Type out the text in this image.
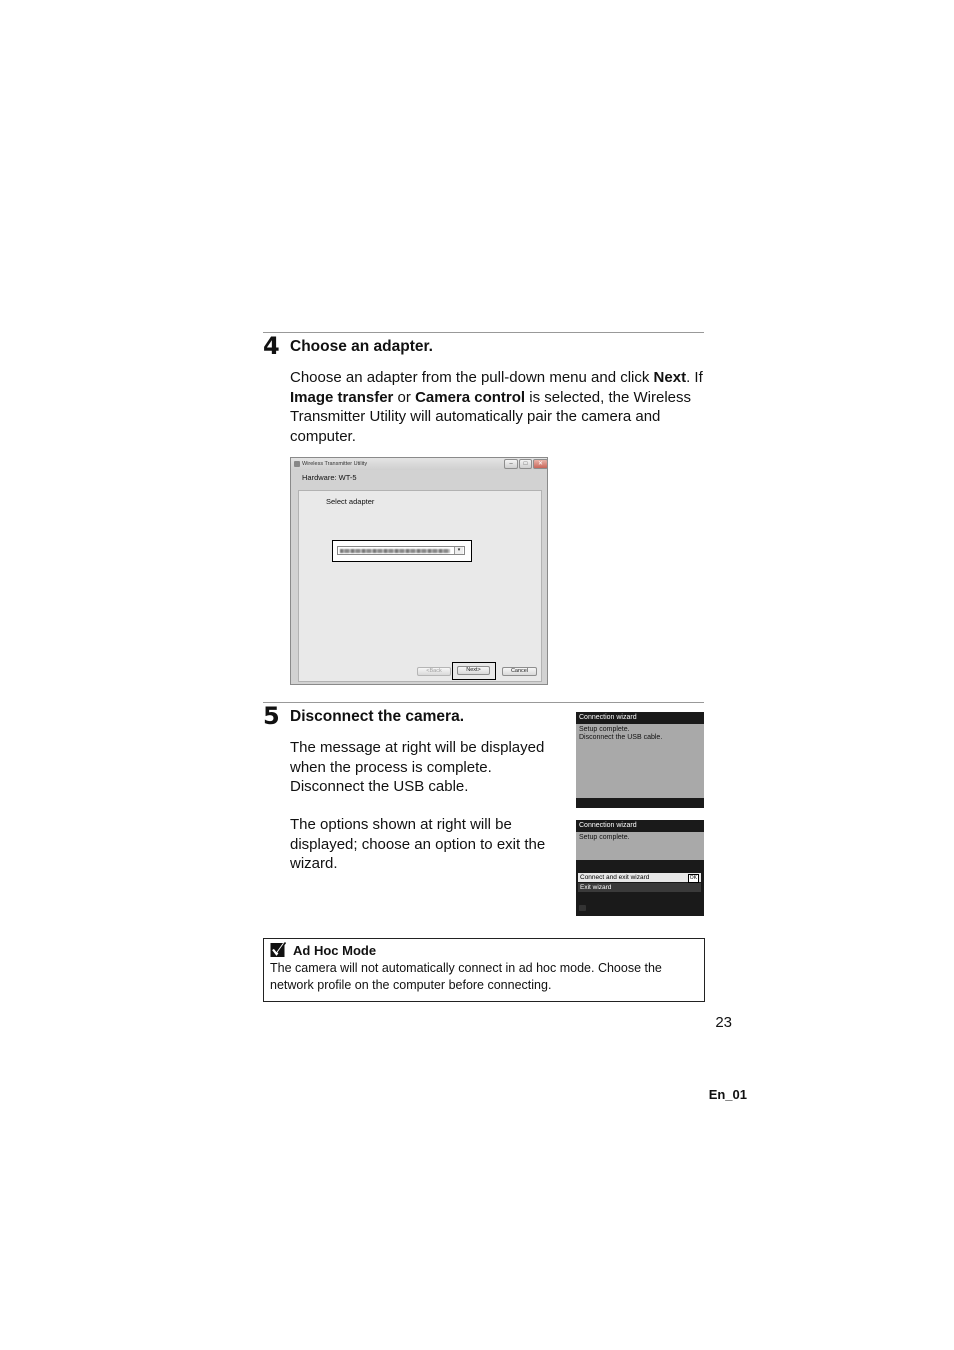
4 Choose an adapter.
Choose an adapter from the pull-down menu and click Next. If Image transfer or Camera control is selected, the Wireless Transmitter Utility will automatically pair the camera and computer.
Wireless Transmitter Utility	–	□	✕
Hardware: WT-5
Select adapter
▾
<Back	Next>	Cancel
5 Disconnect the camera.
The message at right will be displayed when the process is complete. Disconnect the USB cable.
The options shown at right will be displayed; choose an option to exit the wizard.
Connection wizard
Setup complete.
Disconnect the USB cable.
Connection wizard
Setup complete.
Connect and exit wizard	OK
Exit wizard
Ad Hoc Mode
The camera will not automatically connect in ad hoc mode. Choose the network profile on the computer before connecting.
23
En_01
